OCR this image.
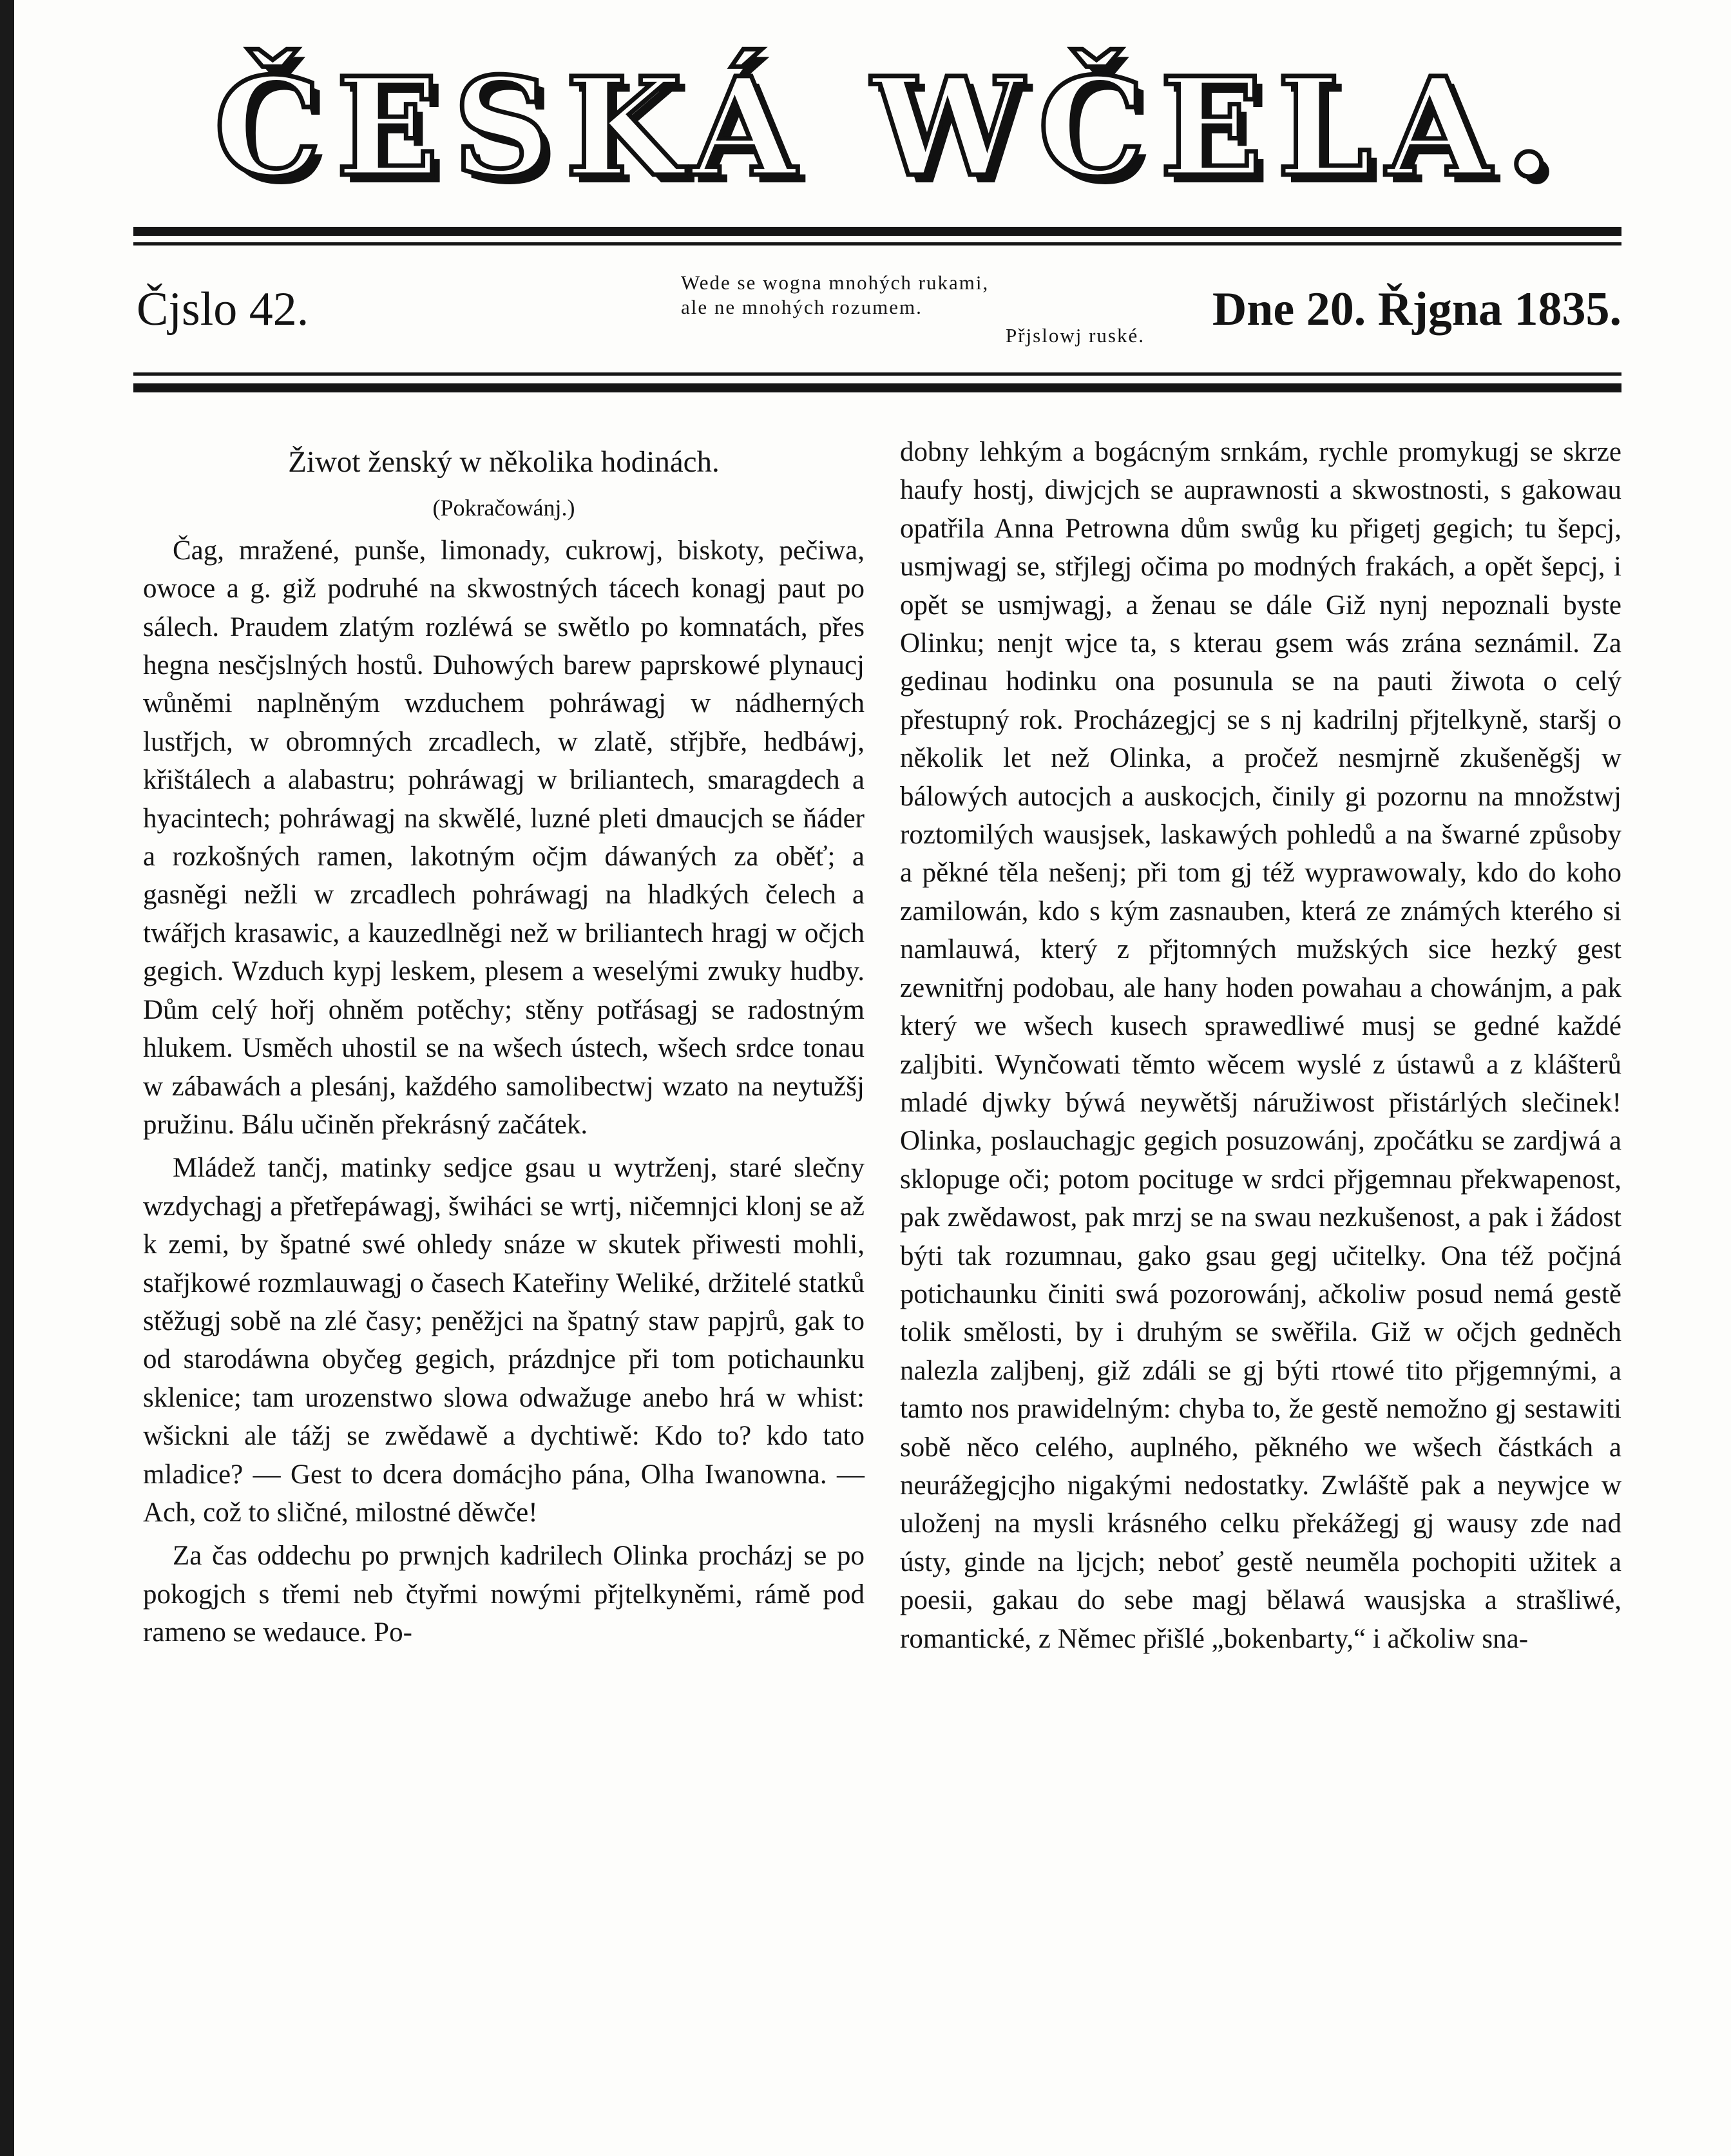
ČESKÁ WČELA.
Čjslo 42.
Wede se wogna mnohých rukami,
ale ne mnohých rozumem.
Přjslowj ruské.	Dne 20. Řjgna 1835.
Žiwot ženský w několika hodinách.
(Pokračowánj.)

Čag, mražené, punše, limonady, cukrowj, biskoty, pečiwa, owoce a g. giž podruhé na skwostných tácech konagj paut po sálech. Praudem zlatým rozléwá se swětlo po komnatách, přes hegna nesčjslných hostů. Duhowých barew paprskowé plynaucj wůněmi naplněným wzduchem pohráwagj w nádherných lustřjch, w obromných zrcadlech, w zlatě, střjbře, hedbáwj, křištálech a alabastru; pohráwagj w briliantech, smaragdech a hyacintech; pohráwagj na skwělé, luzné pleti dmaucjch se ňáder a rozkošných ramen, lakotným očjm dáwaných za oběť; a gasněgi nežli w zrcadlech pohráwagj na hladkých čelech a twářjch krasawic, a kauzedlněgi než w briliantech hragj w očjch gegich. Wzduch kypj leskem, plesem a weselými zwuky hudby. Dům celý hořj ohněm potěchy; stěny potřásagj se radostným hlukem. Usměch uhostil se na wšech ústech, wšech srdce tonau w zábawách a plesánj, každého samolibectwj wzato na neytužšj pružinu. Bálu učiněn překrásný začátek.

Mládež tančj, matinky sedjce gsau u wytrženj, staré slečny wzdychagj a přetřepáwagj, šwiháci se wrtj, ničemnjci klonj se až k zemi, by špatné swé ohledy snáze w skutek přiwesti mohli, stařjkowé rozmlauwagj o časech Kateřiny Weliké, držitelé statků stěžugj sobě na zlé časy; peněžjci na špatný staw papjrů, gak to od starodáwna obyčeg gegich, prázdnjce při tom potichaunku sklenice; tam urozenstwo slowa odwažuge anebo hrá w whist: wšickni ale tážj se zwědawě a dychtiwě: Kdo to? kdo tato mladice? — Gest to dcera domácjho pána, Olha Iwanowna. — Ach, což to sličné, milostné děwče!

Za čas oddechu po prwnjch kadrilech Olinka procházj se po pokogjch s třemi neb čtyřmi nowými přjtelkyněmi, rámě pod rameno se wedauce. Po-

dobny lehkým a bogácným srnkám, rychle promykugj se skrze haufy hostj, diwjcjch se auprawnosti a skwostnosti, s gakowau opatřila Anna Petrowna dům swůg ku přigetj gegich; tu šepcj, usmjwagj se, střjlegj očima po modných frakách, a opět šepcj, i opět se usmjwagj, a ženau se dále Giž nynj nepoznali byste Olinku; nenjt wjce ta, s kterau gsem wás zrána seznámil. Za gedinau hodinku ona posunula se na pauti žiwota o celý přestupný rok. Procházegjcj se s nj kadrilnj přjtelkyně, staršj o několik let než Olinka, a pročež nesmjrně zkušeněgšj w bálowých autocjch a auskocjch, činily gi pozornu na množstwj roztomilých wausjsek, laskawých pohledů a na šwarné způsoby a pěkné těla nešenj; při tom gj též wyprawowaly, kdo do koho zamilowán, kdo s kým zasnauben, která ze známých kterého si namlauwá, který z přjtomných mužských sice hezký gest zewnitřnj podobau, ale hany hoden powahau a chowánjm, a pak který we wšech kusech sprawedliwé musj se gedné každé zaljbiti. Wynčowati těmto wěcem wyslé z ústawů a z klášterů mladé djwky býwá neywětšj náružiwost přistárlých slečinek! Olinka, poslauchagjc gegich posuzowánj, zpočátku se zardjwá a sklopuge oči; potom pocituge w srdci přjgemnau překwapenost, pak zwědawost, pak mrzj se na swau nezkušenost, a pak i žádost býti tak rozumnau, gako gsau gegj učitelky. Ona též počjná potichaunku činiti swá pozorowánj, ačkoliw posud nemá gestě tolik smělosti, by i druhým se swěřila. Giž w očjch gedněch nalezla zaljbenj, giž zdáli se gj býti rtowé tito přjgemnými, a tamto nos prawidelným: chyba to, že gestě nemožno gj sestawiti sobě něco celého, auplného, pěkného we wšech částkách a neurážegjcjho nigakými nedostatky. Zwláště pak a neywjce w uloženj na mysli krásného celku překážegj gj wausy zde nad ústy, ginde na ljcjch; neboť gestě neuměla pochopiti užitek a poesii, gakau do sebe magj bělawá wausjska a strašliwé, romantické, z Němec přišlé „bokenbarty,“ i ačkoliw sna-
